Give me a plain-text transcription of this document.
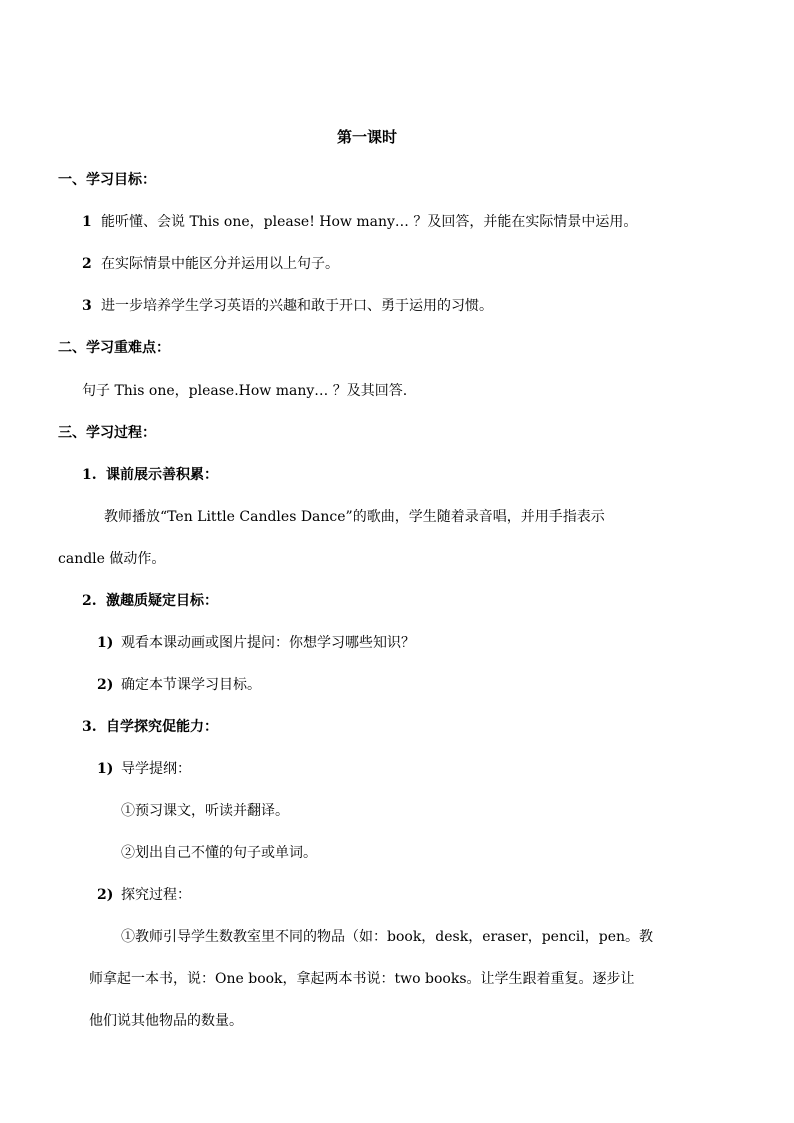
第一课时
一、学习目标：
1 能听懂、会说 This one，please! How many… ？及回答，并能在实际情景中运用。
2 在实际情景中能区分并运用以上句子。
3 进一步培养学生学习英语的兴趣和敢于开口、勇于运用的习惯。
二、学习重难点：
句子 This one，please.How many… ？及其回答.
三、学习过程：
1. 课前展示善积累：
教师播放“Ten Little Candles Dance”的歌曲，学生随着录音唱，并用手指表示
candle 做动作。
2. 激趣质疑定目标：
1) 观看本课动画或图片提问：你想学习哪些知识？
2) 确定本节课学习目标。
3. 自学探究促能力：
1) 导学提纲：
①预习课文，听读并翻译。
②划出自己不懂的句子或单词。
2) 探究过程：
①教师引导学生数教室里不同的物品（如：book，desk，eraser，pencil，pen。教
师拿起一本书，说：One book，拿起两本书说：two books。让学生跟着重复。逐步让
他们说其他物品的数量。
